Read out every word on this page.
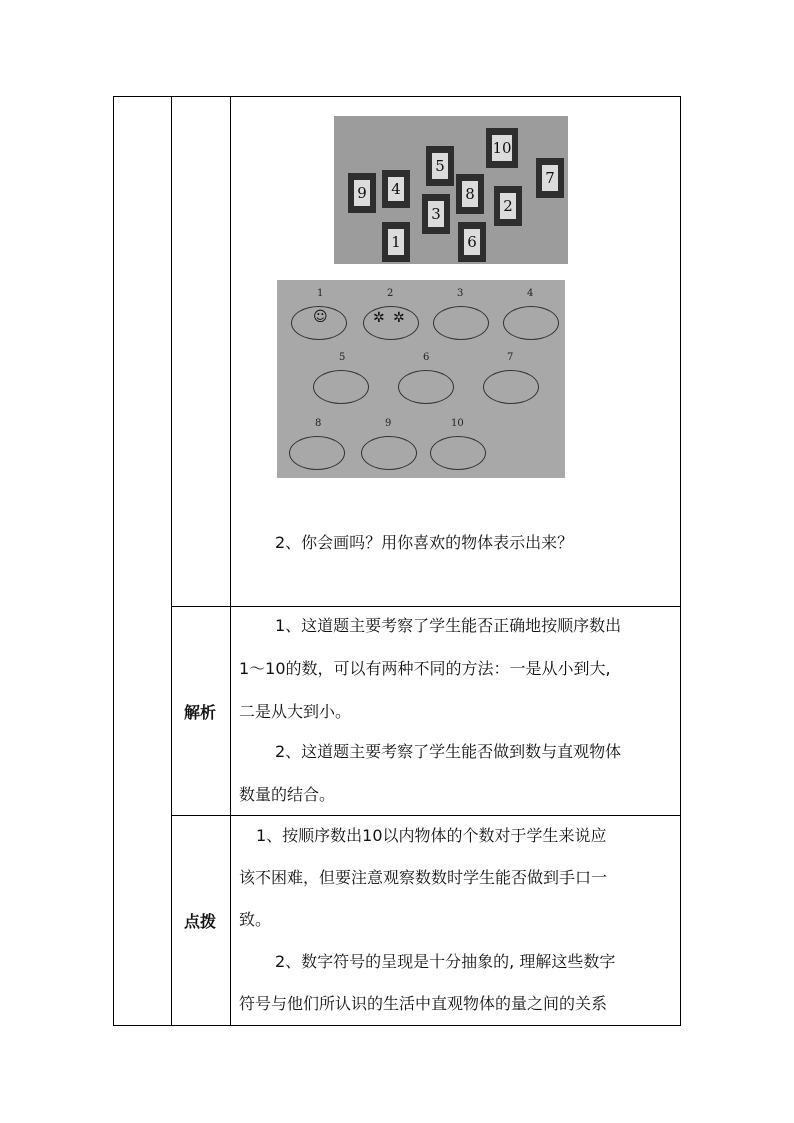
9 4
5
3
8
10
2
7
1	6
1
☺
2
✲ ✲
3	4
5	6	7
8	9	10
2、你会画吗？用你喜欢的物体表示出来？
解析
1、这道题主要考察了学生能否正确地按顺序数出
1～10的数，可以有两种不同的方法：一是从小到大,
二是从大到小。
2、这道题主要考察了学生能否做到数与直观物体
数量的结合。
点拨
1、按顺序数出10以内物体的个数对于学生来说应
该不困难，但要注意观察数数时学生能否做到手口一
致。
2、数字符号的呈现是十分抽象的, 理解这些数字
符号与他们所认识的生活中直观物体的量之间的关系
